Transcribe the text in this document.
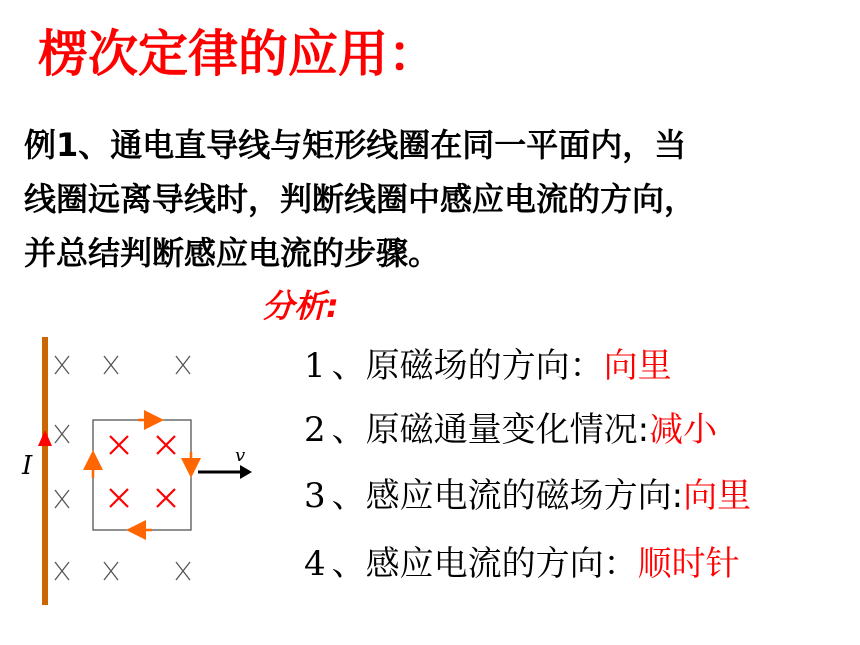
楞次定律的应用：
例1、通电直导线与矩形线圈在同一平面内，当
线圈远离导线时，判断线圈中感应电流的方向，
并总结判断感应电流的步骤。
分析:
1 、原磁场的方向：向里
2 、原磁通量变化情况:减小
3 、感应电流的磁场方向:向里
4 、感应电流的方向：顺时针
I	v
